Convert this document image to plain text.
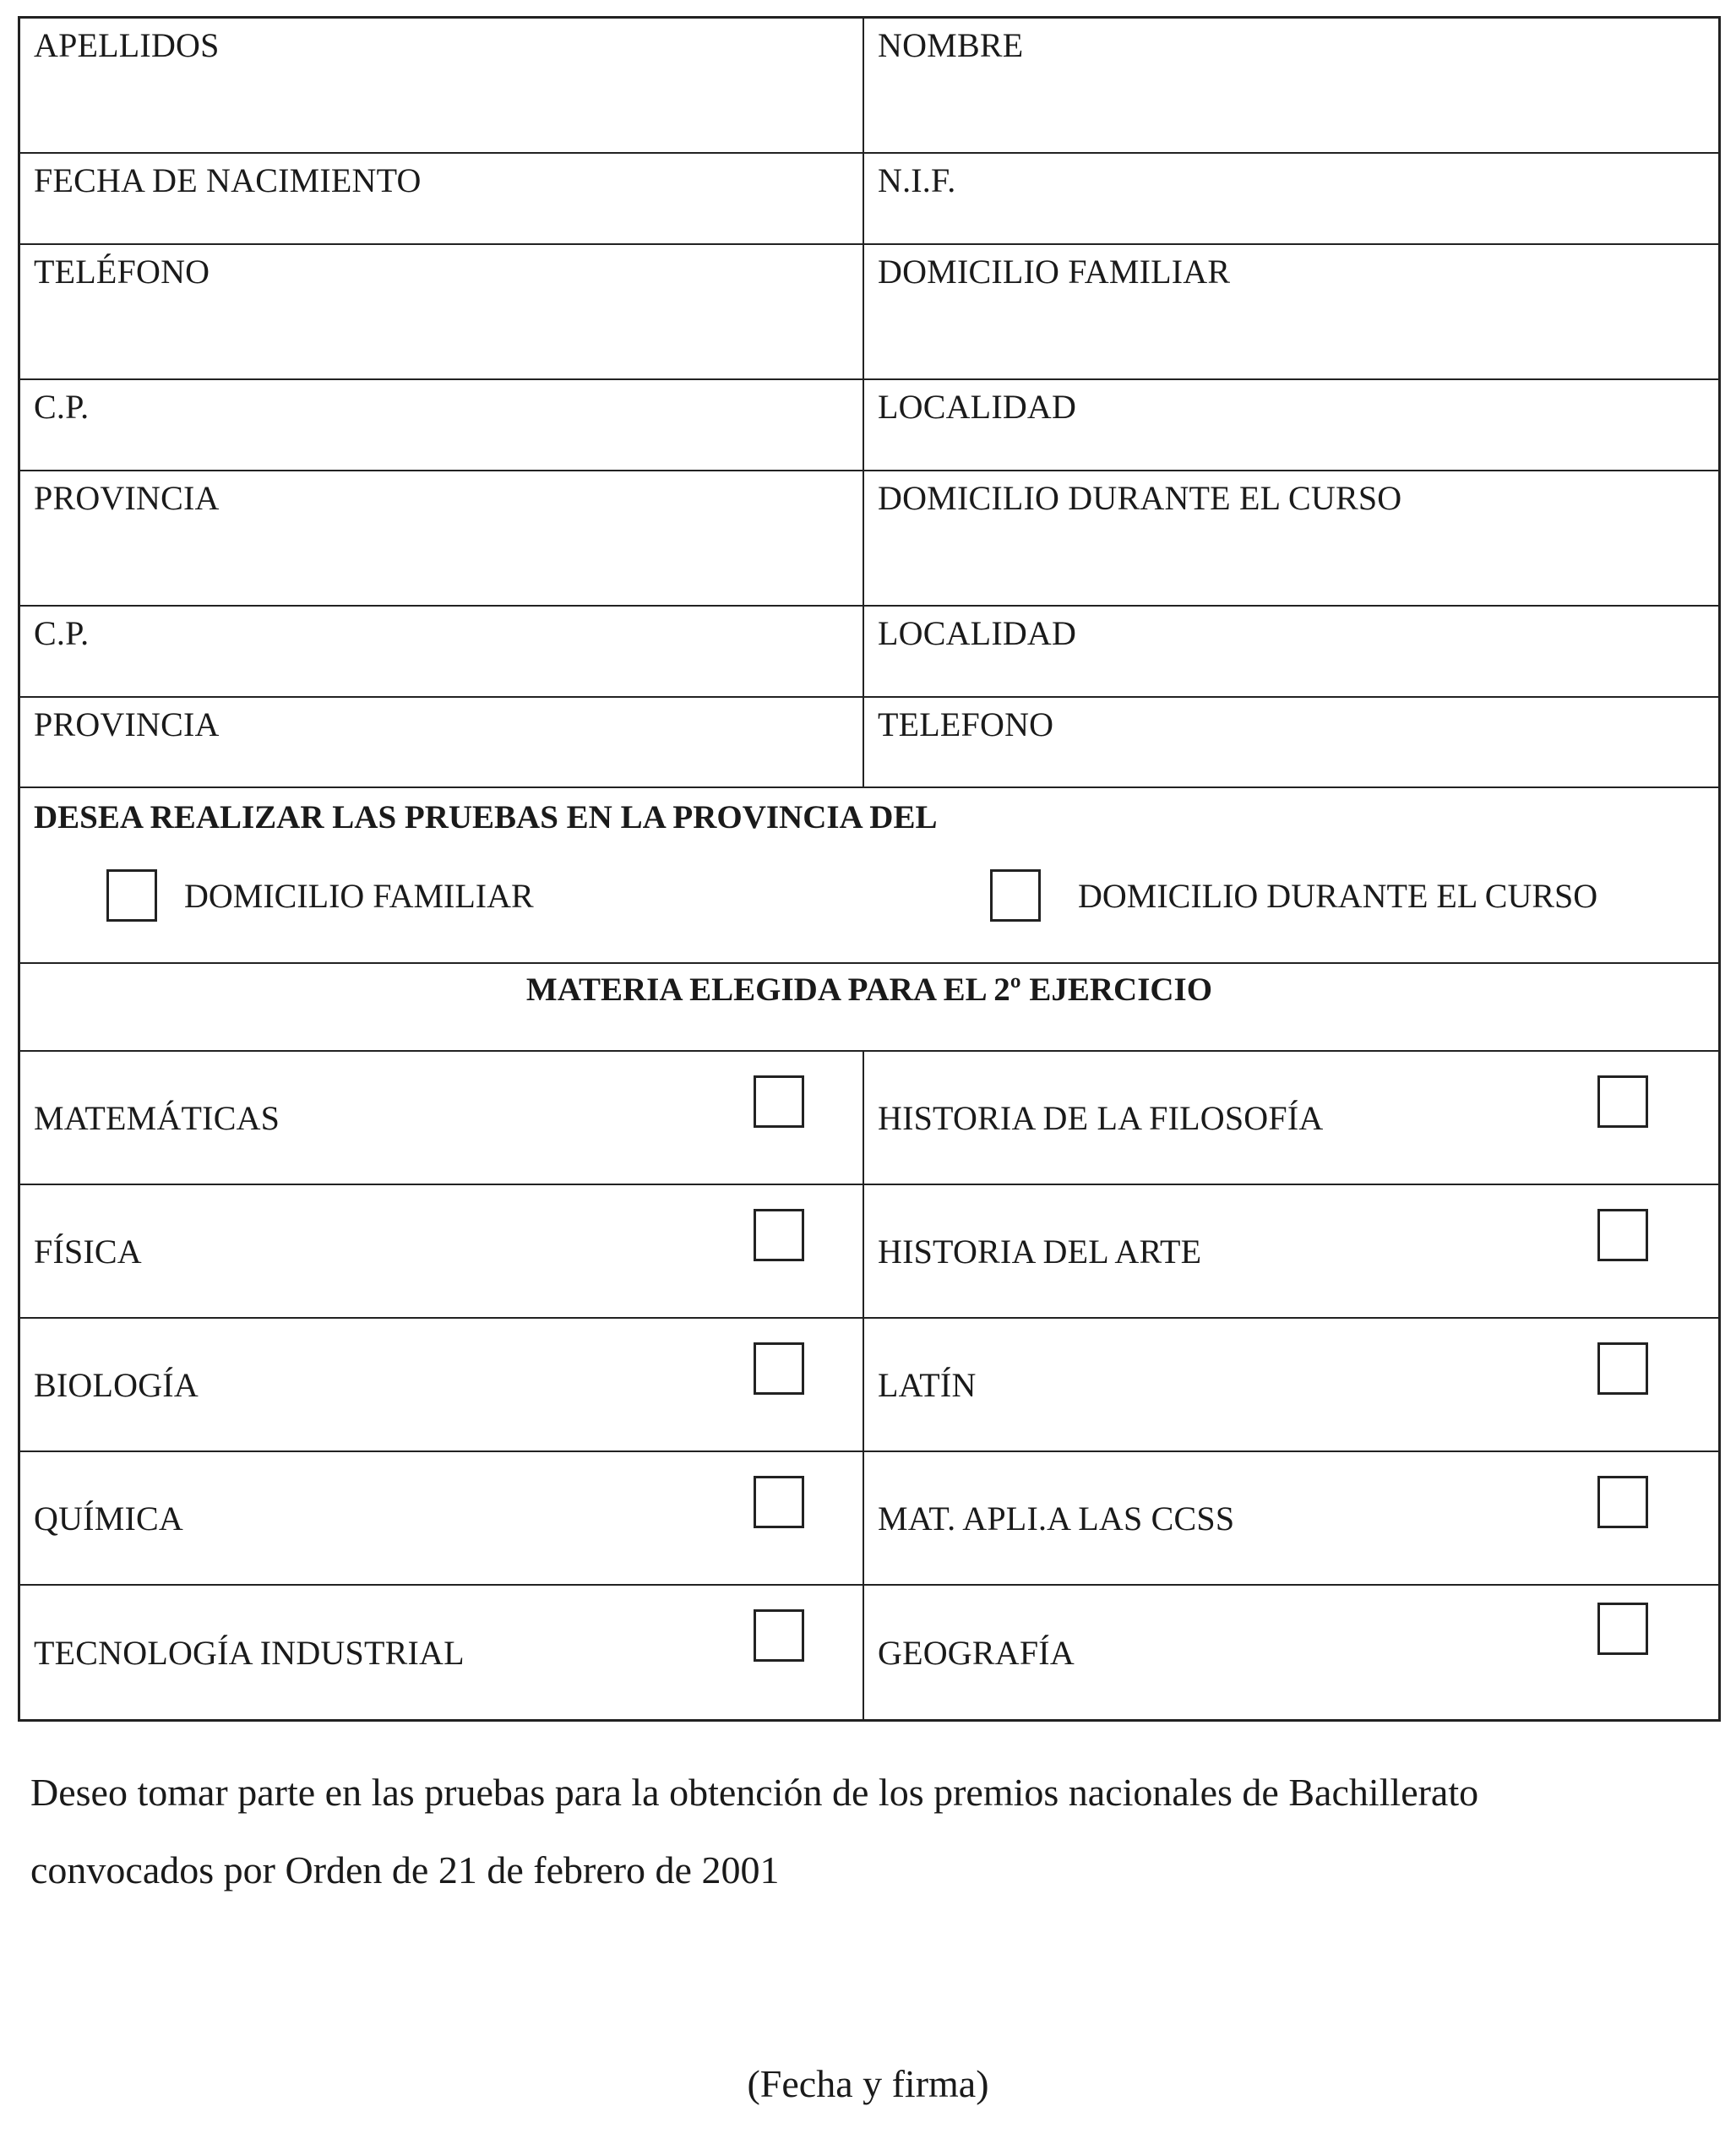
APELLIDOS	NOMBRE
FECHA DE NACIMIENTO	N.I.F.
TELÉFONO	DOMICILIO FAMILIAR
C.P.	LOCALIDAD
PROVINCIA	DOMICILIO DURANTE EL CURSO
C.P.	LOCALIDAD
PROVINCIA	TELEFONO
DESEA REALIZAR LAS PRUEBAS EN LA PROVINCIA DEL
DOMICILIO FAMILIAR	DOMICILIO DURANTE EL CURSO
MATERIA ELEGIDA PARA EL 2º EJERCICIO
MATEMÁTICAS	HISTORIA DE LA FILOSOFÍA
FÍSICA	HISTORIA DEL ARTE
BIOLOGÍA	LATÍN
QUÍMICA	MAT. APLI.A LAS CCSS
TECNOLOGÍA INDUSTRIAL	GEOGRAFÍA
Deseo tomar parte en las pruebas para la obtención de los premios nacionales de Bachillerato
convocados por Orden de 21 de febrero de 2001
(Fecha y firma)
